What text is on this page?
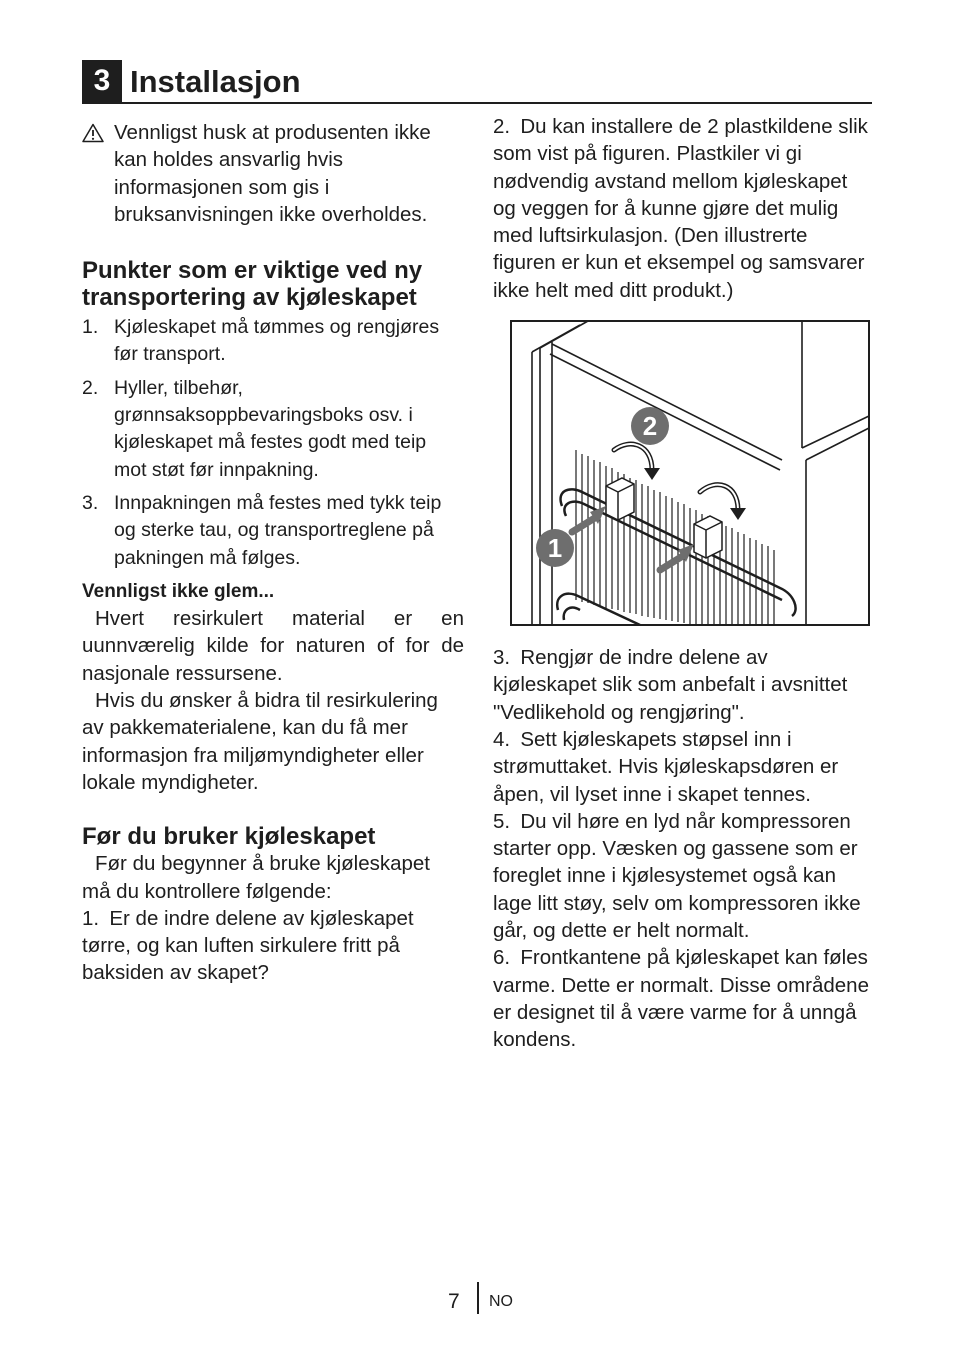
3 Installasjon

Vennligst husk at produsenten ikke kan holdes ansvarlig hvis informasjonen som gis i bruksanvisningen ikke overholdes.

Punkter som er viktige ved ny transportering av kjøleskapet
1. Kjøleskapet må tømmes og rengjøres før transport.
2. Hyller, tilbehør, grønnsaksoppbevaringsboks osv. i kjøleskapet må festes godt med teip mot støt før innpakning.
3. Innpakningen må festes med tykk teip og sterke tau, og transportreglene på pakningen må følges.

Vennligst ikke glem...

Hvert resirkulert material er en uunnværelig kilde for naturen of for de nasjonale ressursene.

Hvis du ønsker å bidra til resirkulering av pakkematerialene, kan du få mer informasjon fra miljømyndigheter eller lokale myndigheter.

Før du bruker kjøleskapet

Før du begynner å bruke kjøleskapet må du kontrollere følgende:

1. Er de indre delene av kjøleskapet tørre, og kan luften sirkulere fritt på baksiden av skapet?

2. Du kan installere de 2 plastkildene slik som vist på figuren. Plastkiler vi gi nødvendig avstand mellom kjøleskapet og veggen for å kunne gjøre det mulig med luftsirkulasjon. (Den illustrerte figuren er kun et eksempel og samsvarer ikke helt med ditt produkt.)

1
2

3. Rengjør de indre delene av kjøleskapet slik som anbefalt i avsnittet "Vedlikehold og rengjøring".

4. Sett kjøleskapets støpsel inn i strømuttaket. Hvis kjøleskapsdøren er åpen, vil lyset inne i skapet tennes.

5. Du vil høre en lyd når kompressoren starter opp. Væsken og gassene som er foreglet inne i kjølesystemet også kan lage litt støy, selv om kompressoren ikke går, og dette er helt normalt.

6. Frontkantene på kjøleskapet kan føles varme. Dette er normalt. Disse områdene er designet til å være varme for å unngå kondens.

7 NO
